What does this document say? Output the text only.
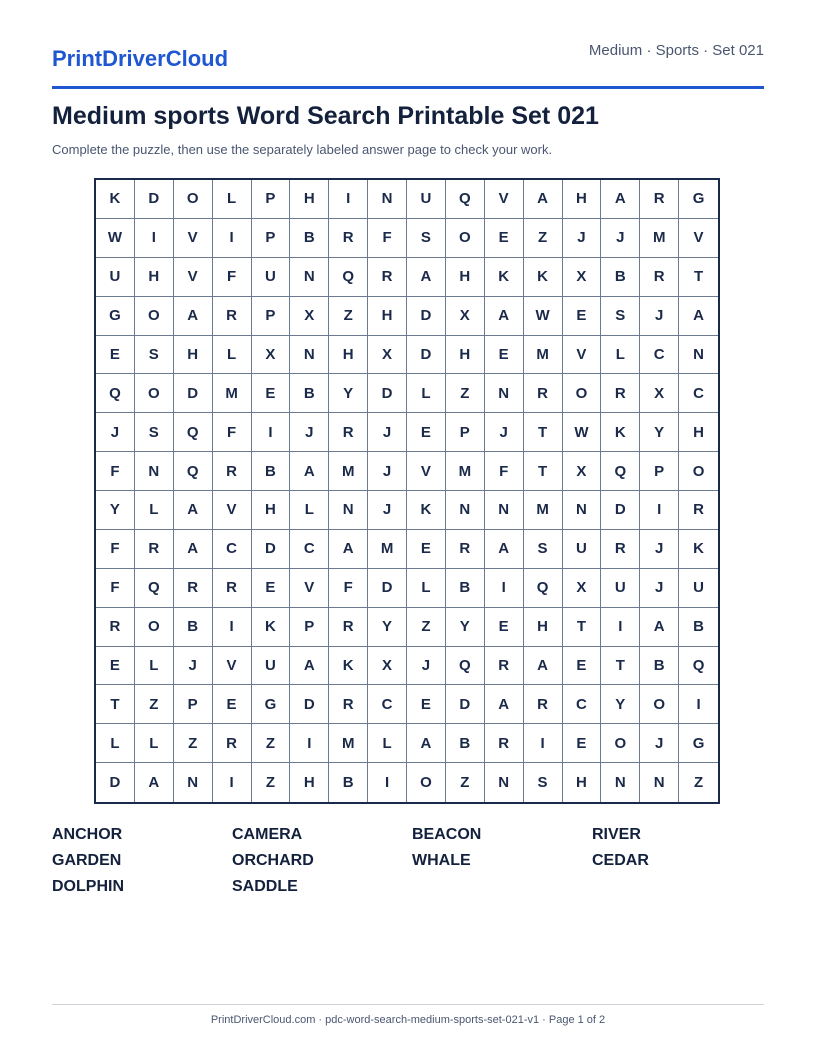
PrintDriverCloud	Medium · Sports · Set 021
Medium sports Word Search Printable Set 021
Complete the puzzle, then use the separately labeled answer page to check your work.
K	D	O	L	P	H	I	N	U	Q	V	A	H	A	R	G
W	I	V	I	P	B	R	F	S	O	E	Z	J	J	M	V
U	H	V	F	U	N	Q	R	A	H	K	K	X	B	R	T
G	O	A	R	P	X	Z	H	D	X	A	W	E	S	J	A
E	S	H	L	X	N	H	X	D	H	E	M	V	L	C	N
Q	O	D	M	E	B	Y	D	L	Z	N	R	O	R	X	C
J	S	Q	F	I	J	R	J	E	P	J	T	W	K	Y	H
F	N	Q	R	B	A	M	J	V	M	F	T	X	Q	P	O
Y	L	A	V	H	L	N	J	K	N	N	M	N	D	I	R
F	R	A	C	D	C	A	M	E	R	A	S	U	R	J	K
F	Q	R	R	E	V	F	D	L	B	I	Q	X	U	J	U
R	O	B	I	K	P	R	Y	Z	Y	E	H	T	I	A	B
E	L	J	V	U	A	K	X	J	Q	R	A	E	T	B	Q
T	Z	P	E	G	D	R	C	E	D	A	R	C	Y	O	I
L	L	Z	R	Z	I	M	L	A	B	R	I	E	O	J	G
D	A	N	I	Z	H	B	I	O	Z	N	S	H	N	N	Z
ANCHOR	CAMERA	BEACON	RIVER
GARDEN	ORCHARD	WHALE	CEDAR
DOLPHIN	SADDLE
PrintDriverCloud.com · pdc-word-search-medium-sports-set-021-v1 · Page 1 of 2
